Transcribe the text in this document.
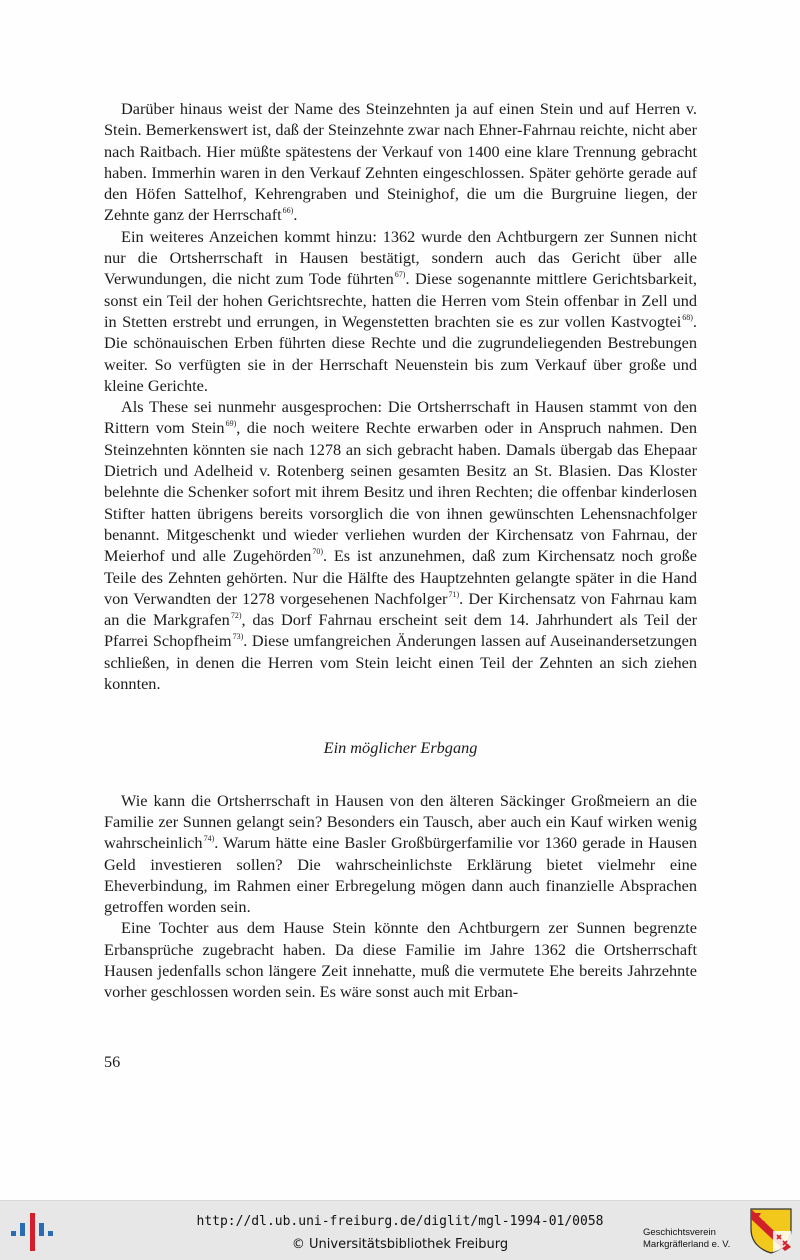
Darüber hinaus weist der Name des Steinzehnten ja auf einen Stein und auf Herren v. Stein. Bemerkenswert ist, daß der Steinzehnte zwar nach Ehner-Fahrnau reichte, nicht aber nach Raitbach. Hier müßte spätestens der Verkauf von 1400 eine klare Trennung gebracht haben. Immerhin waren in den Verkauf Zehnten eingeschlossen. Später gehörte gerade auf den Höfen Sattelhof, Kehrengraben und Steinighof, die um die Burgruine liegen, der Zehnte ganz der Herrschaft$^{66)}$.

Ein weiteres Anzeichen kommt hinzu: 1362 wurde den Achtburgern zer Sunnen nicht nur die Ortsherrschaft in Hausen bestätigt, sondern auch das Gericht über alle Verwundungen, die nicht zum Tode führten$^{67)}$. Diese sogenannte mittlere Gerichtsbarkeit, sonst ein Teil der hohen Gerichtsrechte, hatten die Herren vom Stein offenbar in Zell und in Stetten erstrebt und errungen, in Wegenstetten brachten sie es zur vollen Kastvogtei$^{68)}$. Die schönauischen Erben führten diese Rechte und die zugrundeliegenden Bestrebungen weiter. So verfügten sie in der Herrschaft Neuenstein bis zum Verkauf über große und kleine Gerichte.

Als These sei nunmehr ausgesprochen: Die Ortsherrschaft in Hausen stammt von den Rittern vom Stein$^{69)}$, die noch weitere Rechte erwarben oder in Anspruch nahmen. Den Steinzehnten könnten sie nach 1278 an sich gebracht haben. Damals übergab das Ehepaar Dietrich und Adelheid v. Rotenberg seinen gesamten Besitz an St. Blasien. Das Kloster belehnte die Schenker sofort mit ihrem Besitz und ihren Rechten; die offenbar kinderlosen Stifter hatten übrigens bereits vorsorglich die von ihnen gewünschten Lehensnachfolger benannt. Mitgeschenkt und wieder verliehen wurden der Kirchensatz von Fahrnau, der Meierhof und alle Zugehörden$^{70)}$. Es ist anzunehmen, daß zum Kirchensatz noch große Teile des Zehnten gehörten. Nur die Hälfte des Hauptzehnten gelangte später in die Hand von Verwandten der 1278 vorgesehenen Nachfolger$^{71)}$. Der Kirchensatz von Fahrnau kam an die Markgrafen$^{72)}$, das Dorf Fahrnau erscheint seit dem 14. Jahrhundert als Teil der Pfarrei Schopfheim$^{73)}$. Diese umfangreichen Änderungen lassen auf Auseinandersetzungen schließen, in denen die Herren vom Stein leicht einen Teil der Zehnten an sich ziehen konnten.

Ein möglicher Erbgang

Wie kann die Ortsherrschaft in Hausen von den älteren Säckinger Großmeiern an die Familie zer Sunnen gelangt sein? Besonders ein Tausch, aber auch ein Kauf wirken wenig wahrscheinlich$^{74)}$. Warum hätte eine Basler Großbürgerfamilie vor 1360 gerade in Hausen Geld investieren sollen? Die wahrscheinlichste Erklärung bietet vielmehr eine Eheverbindung, im Rahmen einer Erbregelung mögen dann auch finanzielle Absprachen getroffen worden sein.

Eine Tochter aus dem Hause Stein könnte den Achtburgern zer Sunnen begrenzte Erbansprüche zugebracht haben. Da diese Familie im Jahre 1362 die Ortsherrschaft Hausen jedenfalls schon längere Zeit innehatte, muß die vermutete Ehe bereits Jahrzehnte vorher geschlossen worden sein. Es wäre sonst auch mit Erban-

56
http://dl.ub.uni-freiburg.de/diglit/mgl-1994-01/0058
© Universitätsbibliothek Freiburg
Geschichtsverein
Markgräflerland e. V.
